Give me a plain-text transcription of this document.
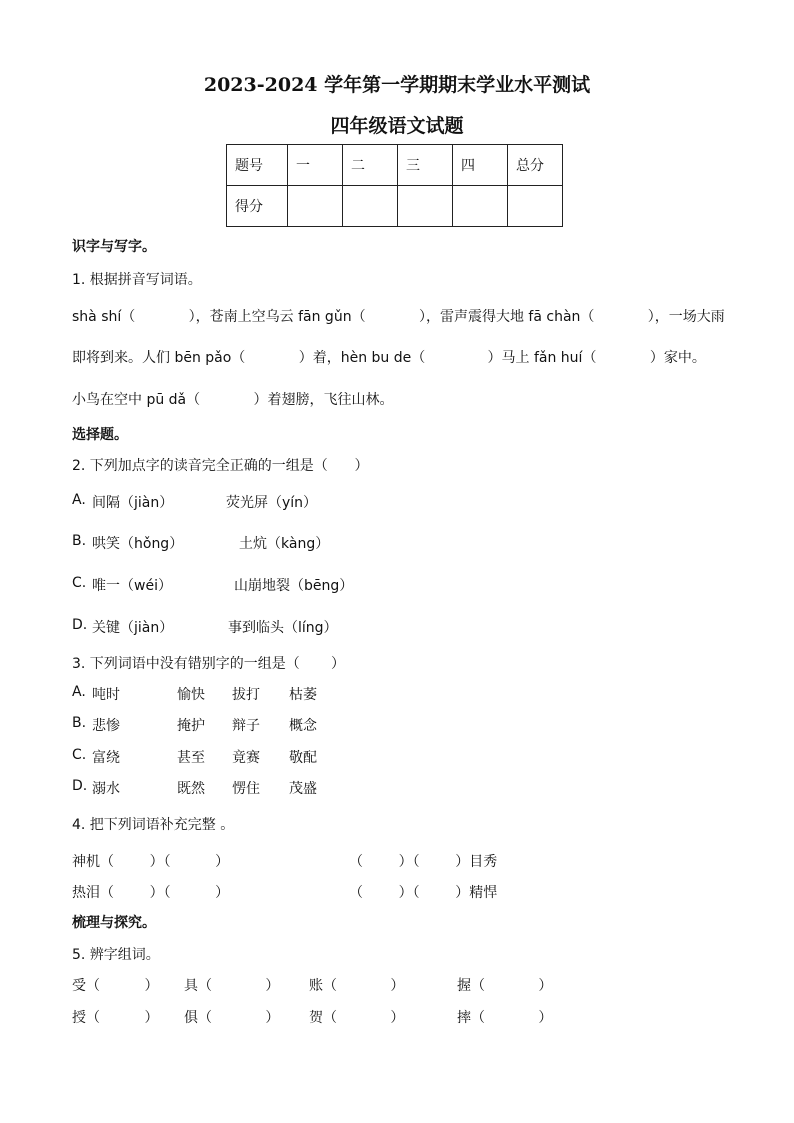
2023-2024 学年第一学期期末学业水平测试
四年级语文试题
题号	一	二	三	四	总分
得分					
识字与写字。
1. 根据拼音写词语。
shà shí（            ），苍南上空乌云 fān gǔn（            ），雷声震得大地 fā chàn（            ），一场大雨
即将到来。人们 bēn pǎo（            ）着，hèn bu de（              ）马上 fǎn huí（            ）家中。
小鸟在空中 pū dǎ（            ）着翅膀，飞往山林。
选择题。
2. 下列加点字的读音完全正确的一组是（      ）
A. 间隔（jiàn）	荧光屏（yín）
B. 哄笑（hǒng）	土炕（kàng）
C. 唯一（wéi）	山崩地裂（bēng）
D. 关键（jiàn）	事到临头（líng）
3. 下列词语中没有错别字的一组是（       ）
A. 吨时	愉快 拔打 枯萎
B. 悲惨	掩护 辩子 概念
C. 富绕	甚至 竟赛 敬配
D. 溺水	既然 愣住 茂盛
4. 把下列词语补充完整 。
神机（        ）（          ）	（        ）（        ）目秀
热泪（        ）（          ）	（        ）（        ）精悍
梳理与探究。
5. 辨字组词。
受（          ） 具（            ） 账（            ）	握（            ）
授（          ） 俱（            ） 贺（            ）	摔（            ）
